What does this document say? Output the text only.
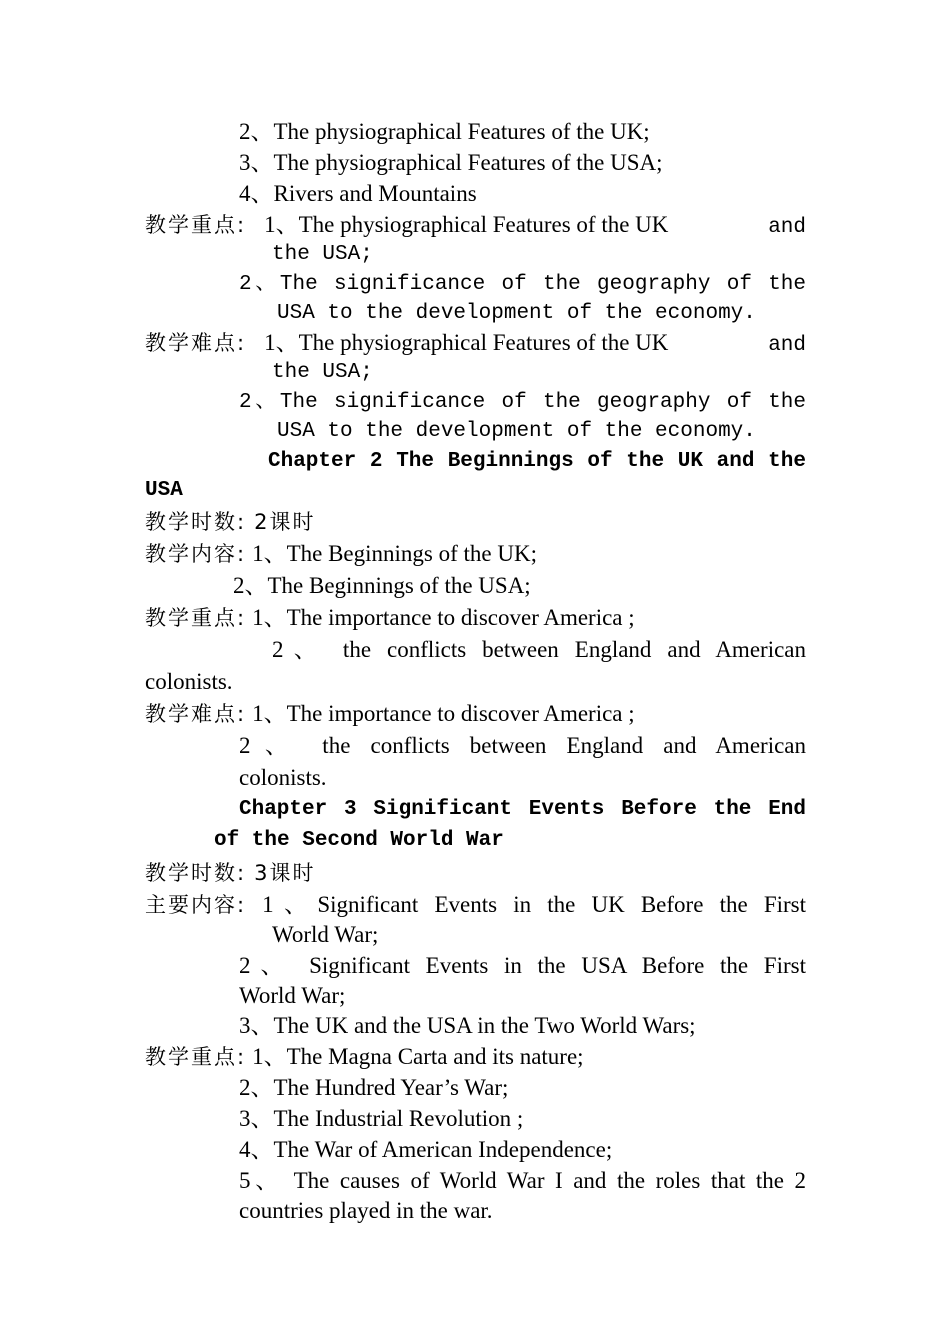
2、The physiographical Features of the UK;
3、The physiographical Features of the USA;
4、Rivers and Mountains
教学重点: 1、The physiographical Features of the UK	and
the USA;
2、The significance of the geography of the
USA to the development of the economy.
教学难点: 1、The physiographical Features of the UK	and
the USA;
2、The significance of the geography of the
USA to the development of the economy.
Chapter 2 The Beginnings of the UK and the
USA
教学时数: 2课时
教学内容: 1、The Beginnings of the UK;
2、The Beginnings of the USA;
教学重点: 1、The importance to discover America ;
2、 the conflicts between England and American
colonists.
教学难点: 1、The importance to discover America ;
2、 the conflicts between England and American
colonists.
Chapter 3 Significant Events Before the End
of the Second World War
教学时数: 3课时
主要内容: 1、Significant Events in the UK Before the First
World War;
2、 Significant Events in the USA Before the First
World War;
3、The UK and the USA in the Two World Wars;
教学重点: 1、The Magna Carta and its nature;
2、The Hundred Year’s War;
3、The Industrial Revolution ;
4、The War of American Independence;
5、 The causes of World War I and the roles that the 2
countries played in the war.
